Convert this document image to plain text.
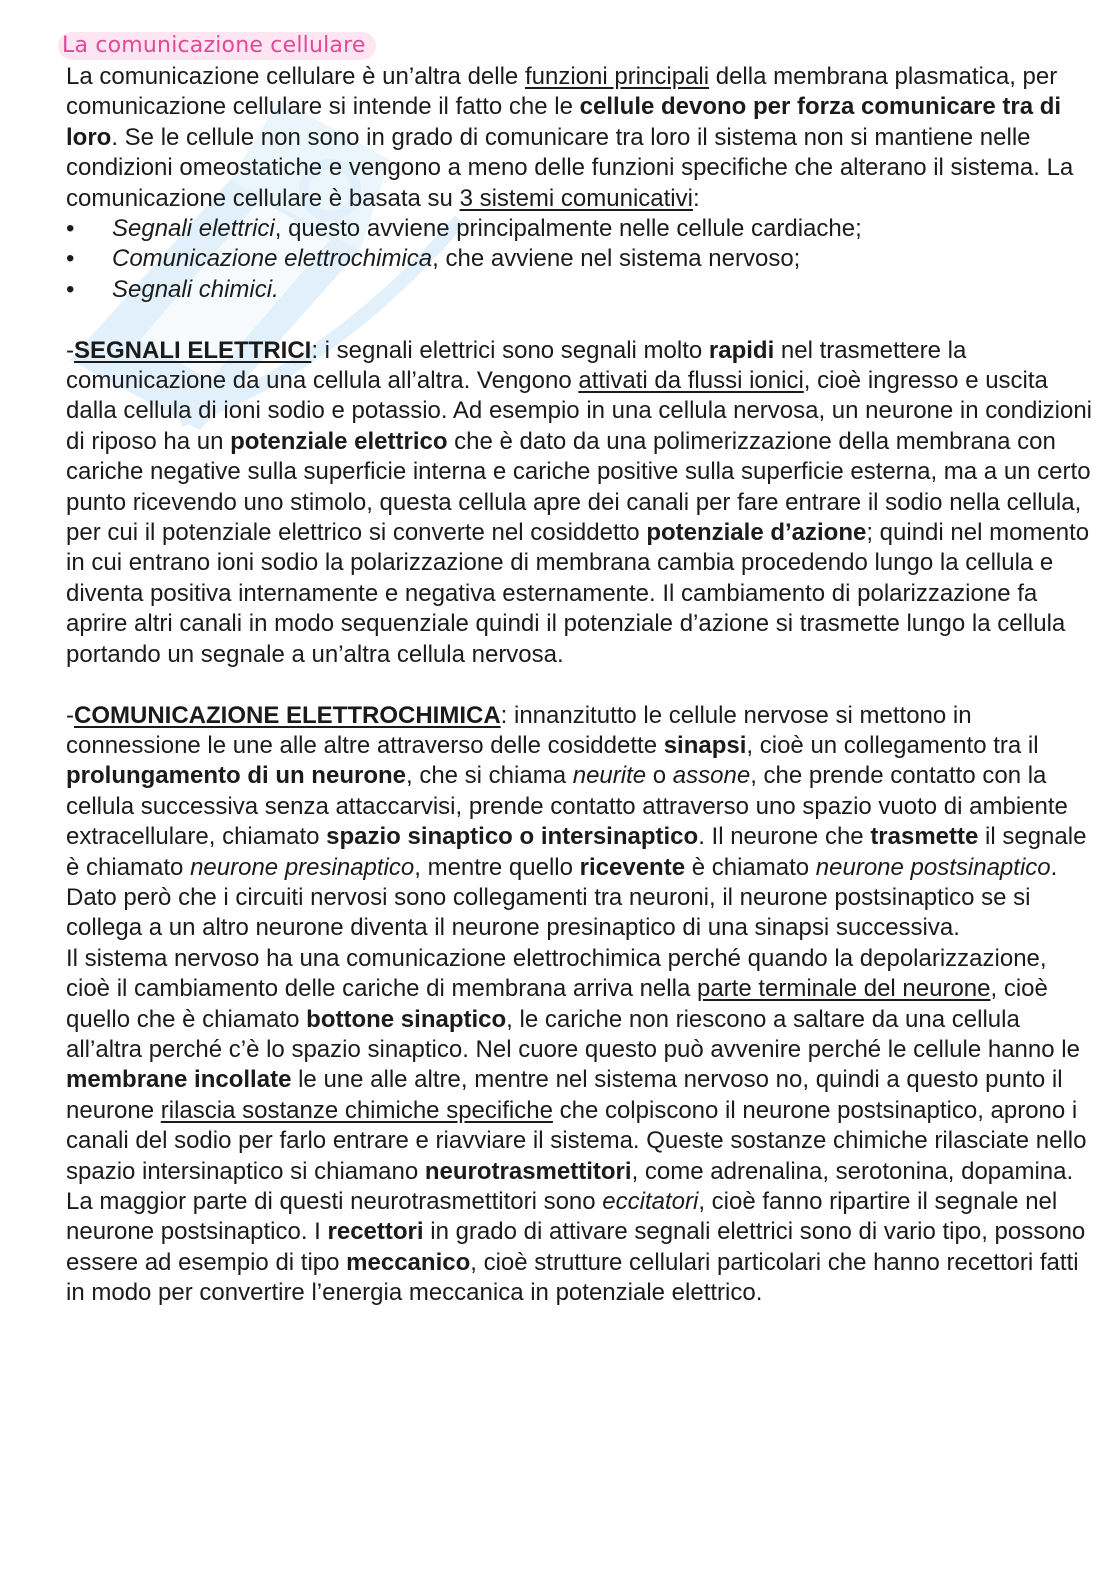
La comunicazione cellulare

La comunicazione cellulare è un’altra delle funzioni principali della membrana plasmatica, per comunicazione cellulare si intende il fatto che le cellule devono per forza comunicare tra di loro. Se le cellule non sono in grado di comunicare tra loro il sistema non si mantiene nelle condizioni omeostatiche e vengono a meno delle funzioni specifiche che alterano il sistema. La comunicazione cellulare è basata su 3 sistemi comunicativi:

•	Segnali elettrici, questo avviene principalmente nelle cellule cardiache;
•	Comunicazione elettrochimica, che avviene nel sistema nervoso;
•	Segnali chimici.

-SEGNALI ELETTRICI: i segnali elettrici sono segnali molto rapidi nel trasmettere la comunicazione da una cellula all’altra. Vengono attivati da flussi ionici, cioè ingresso e uscita dalla cellula di ioni sodio e potassio. Ad esempio in una cellula nervosa, un neurone in condizioni di riposo ha un potenziale elettrico che è dato da una polimerizzazione della membrana con cariche negative sulla superficie interna e cariche positive sulla superficie esterna, ma a un certo punto ricevendo uno stimolo, questa cellula apre dei canali per fare entrare il sodio nella cellula, per cui il potenziale elettrico si converte nel cosiddetto potenziale d’azione; quindi nel momento in cui entrano ioni sodio la polarizzazione di membrana cambia procedendo lungo la cellula e diventa positiva internamente e negativa esternamente. Il cambiamento di polarizzazione fa aprire altri canali in modo sequenziale quindi il potenziale d’azione si trasmette lungo la cellula portando un segnale a un’altra cellula nervosa.

-COMUNICAZIONE ELETTROCHIMICA: innanzitutto le cellule nervose si mettono in connessione le une alle altre attraverso delle cosiddette sinapsi, cioè un collegamento tra il prolungamento di un neurone, che si chiama neurite o assone, che prende contatto con la cellula successiva senza attaccarvisi, prende contatto attraverso uno spazio vuoto di ambiente extracellulare, chiamato spazio sinaptico o intersinaptico. Il neurone che trasmette il segnale è chiamato neurone presinaptico, mentre quello ricevente è chiamato neurone postsinaptico. Dato però che i circuiti nervosi sono collegamenti tra neuroni, il neurone postsinaptico se si collega a un altro neurone diventa il neurone presinaptico di una sinapsi successiva.

Il sistema nervoso ha una comunicazione elettrochimica perché quando la depolarizzazione, cioè il cambiamento delle cariche di membrana arriva nella parte terminale del neurone, cioè quello che è chiamato bottone sinaptico, le cariche non riescono a saltare da una cellula all’altra perché c’è lo spazio sinaptico. Nel cuore questo può avvenire perché le cellule hanno le membrane incollate le une alle altre, mentre nel sistema nervoso no, quindi a questo punto il neurone rilascia sostanze chimiche specifiche che colpiscono il neurone postsinaptico, aprono i canali del sodio per farlo entrare e riavviare il sistema. Queste sostanze chimiche rilasciate nello spazio intersinaptico si chiamano neurotrasmettitori, come adrenalina, serotonina, dopamina. La maggior parte di questi neurotrasmettitori sono eccitatori, cioè fanno ripartire il segnale nel neurone postsinaptico. I recettori in grado di attivare segnali elettrici sono di vario tipo, possono essere ad esempio di tipo meccanico, cioè strutture cellulari particolari che hanno recettori fatti in modo per convertire l’energia meccanica in potenziale elettrico.
